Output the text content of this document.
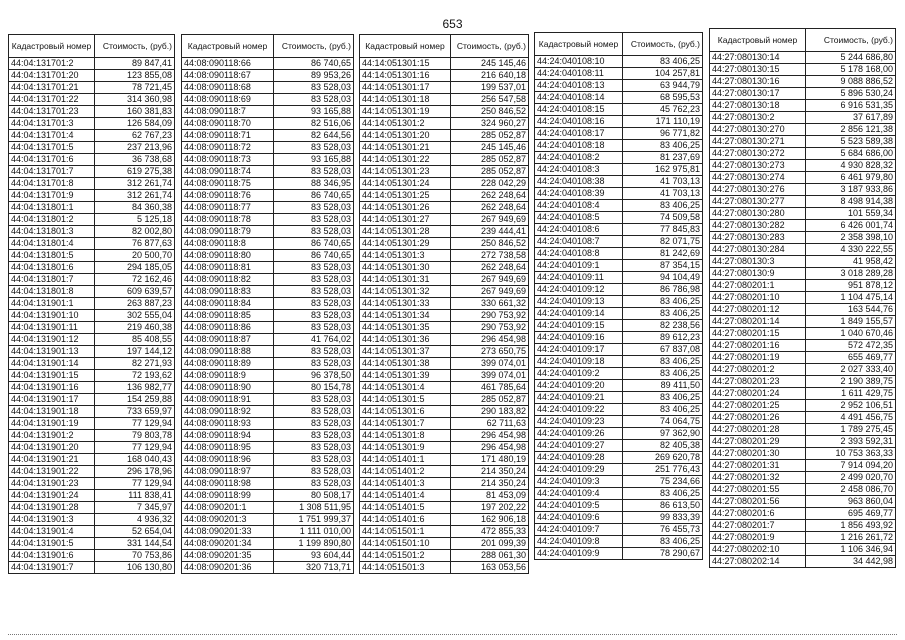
653
Кадастровый номер	Стоимость, (руб.)
44:04:131701:2	89 847,41
44:04:131701:20	123 855,08
44:04:131701:21	78 721,45
44:04:131701:22	314 360,98
44:04:131701:23	160 381,83
44:04:131701:3	126 584,09
44:04:131701:4	62 767,23
44:04:131701:5	237 213,96
44:04:131701:6	36 738,68
44:04:131701:7	619 275,38
44:04:131701:8	312 261,74
44:04:131701:9	312 261,74
44:04:131801:1	84 360,38
44:04:131801:2	5 125,18
44:04:131801:3	82 002,80
44:04:131801:4	76 877,63
44:04:131801:5	20 500,70
44:04:131801:6	294 185,05
44:04:131801:7	72 162,46
44:04:131801:8	609 639,57
44:04:131901:1	263 887,23
44:04:131901:10	302 555,04
44:04:131901:11	219 460,38
44:04:131901:12	85 408,55
44:04:131901:13	197 144,12
44:04:131901:14	82 271,93
44:04:131901:15	72 193,62
44:04:131901:16	136 982,77
44:04:131901:17	154 259,88
44:04:131901:18	733 659,97
44:04:131901:19	77 129,94
44:04:131901:2	79 803,78
44:04:131901:20	77 129,94
44:04:131901:21	168 040,43
44:04:131901:22	296 178,96
44:04:131901:23	77 129,94
44:04:131901:24	111 838,41
44:04:131901:28	7 345,97
44:04:131901:3	4 936,32
44:04:131901:4	52 654,04
44:04:131901:5	331 144,54
44:04:131901:6	70 753,86
44:04:131901:7	106 130,80
Кадастровый номер	Стоимость, (руб.)
44:08:090118:66	86 740,65
44:08:090118:67	89 953,26
44:08:090118:68	83 528,03
44:08:090118:69	83 528,03
44:08:090118:7	93 165,88
44:08:090118:70	82 516,06
44:08:090118:71	82 644,56
44:08:090118:72	83 528,03
44:08:090118:73	93 165,88
44:08:090118:74	83 528,03
44:08:090118:75	88 346,95
44:08:090118:76	86 740,65
44:08:090118:77	83 528,03
44:08:090118:78	83 528,03
44:08:090118:79	83 528,03
44:08:090118:8	86 740,65
44:08:090118:80	86 740,65
44:08:090118:81	83 528,03
44:08:090118:82	83 528,03
44:08:090118:83	83 528,03
44:08:090118:84	83 528,03
44:08:090118:85	83 528,03
44:08:090118:86	83 528,03
44:08:090118:87	41 764,02
44:08:090118:88	83 528,03
44:08:090118:89	83 528,03
44:08:090118:9	96 378,50
44:08:090118:90	80 154,78
44:08:090118:91	83 528,03
44:08:090118:92	83 528,03
44:08:090118:93	83 528,03
44:08:090118:94	83 528,03
44:08:090118:95	83 528,03
44:08:090118:96	83 528,03
44:08:090118:97	83 528,03
44:08:090118:98	83 528,03
44:08:090118:99	80 508,17
44:08:090201:1	1 308 511,95
44:08:090201:3	1 751 999,37
44:08:090201:33	1 111 010,00
44:08:090201:34	1 199 890,80
44:08:090201:35	93 604,44
44:08:090201:36	320 713,71
Кадастровый номер	Стоимость, (руб.)
44:14:051301:15	245 145,46
44:14:051301:16	216 640,18
44:14:051301:17	199 537,01
44:14:051301:18	256 547,58
44:14:051301:19	250 846,52
44:14:051301:2	324 960,27
44:14:051301:20	285 052,87
44:14:051301:21	245 145,46
44:14:051301:22	285 052,87
44:14:051301:23	285 052,87
44:14:051301:24	228 042,29
44:14:051301:25	262 248,64
44:14:051301:26	262 248,64
44:14:051301:27	267 949,69
44:14:051301:28	239 444,41
44:14:051301:29	250 846,52
44:14:051301:3	272 738,58
44:14:051301:30	262 248,64
44:14:051301:31	267 949,69
44:14:051301:32	267 949,69
44:14:051301:33	330 661,32
44:14:051301:34	290 753,92
44:14:051301:35	290 753,92
44:14:051301:36	296 454,98
44:14:051301:37	273 650,75
44:14:051301:38	399 074,01
44:14:051301:39	399 074,01
44:14:051301:4	461 785,64
44:14:051301:5	285 052,87
44:14:051301:6	290 183,82
44:14:051301:7	62 711,63
44:14:051301:8	296 454,98
44:14:051301:9	296 454,98
44:14:051401:1	171 480,19
44:14:051401:2	214 350,24
44:14:051401:3	214 350,24
44:14:051401:4	81 453,09
44:14:051401:5	197 202,22
44:14:051401:6	162 906,18
44:14:051501:1	472 855,33
44:14:051501:10	201 099,39
44:14:051501:2	288 061,30
44:14:051501:3	163 053,56
Кадастровый номер	Стоимость, (руб.)
44:24:040108:10	83 406,25
44:24:040108:11	104 257,81
44:24:040108:13	63 944,79
44:24:040108:14	68 595,53
44:24:040108:15	45 762,23
44:24:040108:16	171 110,19
44:24:040108:17	96 771,82
44:24:040108:18	83 406,25
44:24:040108:2	81 237,69
44:24:040108:3	162 975,81
44:24:040108:38	41 703,13
44:24:040108:39	41 703,13
44:24:040108:4	83 406,25
44:24:040108:5	74 509,58
44:24:040108:6	77 845,83
44:24:040108:7	82 071,75
44:24:040108:8	81 242,69
44:24:040109:1	87 354,15
44:24:040109:11	94 104,49
44:24:040109:12	86 786,98
44:24:040109:13	83 406,25
44:24:040109:14	83 406,25
44:24:040109:15	82 238,56
44:24:040109:16	89 612,23
44:24:040109:17	67 837,08
44:24:040109:18	83 406,25
44:24:040109:2	83 406,25
44:24:040109:20	89 411,50
44:24:040109:21	83 406,25
44:24:040109:22	83 406,25
44:24:040109:23	74 064,75
44:24:040109:26	97 362,90
44:24:040109:27	82 405,38
44:24:040109:28	269 620,78
44:24:040109:29	251 776,43
44:24:040109:3	75 234,66
44:24:040109:4	83 406,25
44:24:040109:5	86 613,50
44:24:040109:6	99 833,39
44:24:040109:7	76 455,73
44:24:040109:8	83 406,25
44:24:040109:9	78 290,67
Кадастровый номер	Стоимость, (руб.)
44:27:080130:14	5 244 686,80
44:27:080130:15	5 178 168,00
44:27:080130:16	9 088 886,52
44:27:080130:17	5 896 530,24
44:27:080130:18	6 916 531,35
44:27:080130:2	37 617,89
44:27:080130:270	2 856 121,38
44:27:080130:271	5 523 589,38
44:27:080130:272	5 684 686,00
44:27:080130:273	4 930 828,32
44:27:080130:274	6 461 979,80
44:27:080130:276	3 187 933,86
44:27:080130:277	8 498 914,38
44:27:080130:280	101 559,34
44:27:080130:282	6 426 001,74
44:27:080130:283	2 358 398,10
44:27:080130:284	4 330 222,55
44:27:080130:3	41 958,42
44:27:080130:9	3 018 289,28
44:27:080201:1	951 878,12
44:27:080201:10	1 104 475,14
44:27:080201:12	163 544,76
44:27:080201:14	1 849 155,57
44:27:080201:15	1 040 670,46
44:27:080201:16	572 472,35
44:27:080201:19	655 469,77
44:27:080201:2	2 027 333,40
44:27:080201:23	2 190 389,75
44:27:080201:24	1 611 429,75
44:27:080201:25	2 952 106,51
44:27:080201:26	4 491 456,75
44:27:080201:28	1 789 275,45
44:27:080201:29	2 393 592,31
44:27:080201:30	10 753 363,33
44:27:080201:31	7 914 094,20
44:27:080201:32	2 499 020,70
44:27:080201:55	2 458 086,70
44:27:080201:56	963 860,04
44:27:080201:6	695 469,77
44:27:080201:7	1 856 493,92
44:27:080201:9	1 216 261,72
44:27:080202:10	1 106 346,94
44:27:080202:14	34 442,98
